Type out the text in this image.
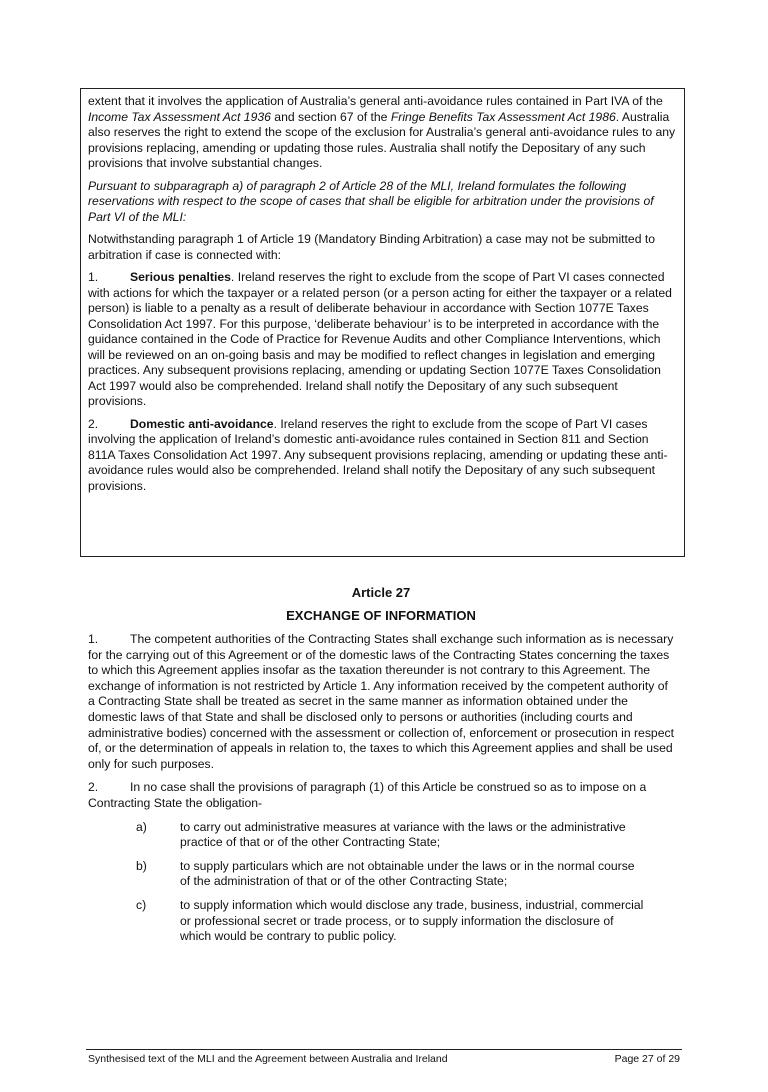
extent that it involves the application of Australia’s general anti-avoidance rules contained in Part IVA of the Income Tax Assessment Act 1936 and section 67 of the Fringe Benefits Tax Assessment Act 1986. Australia also reserves the right to extend the scope of the exclusion for Australia’s general anti-avoidance rules to any provisions replacing, amending or updating those rules. Australia shall notify the Depositary of any such provisions that involve substantial changes.

Pursuant to subparagraph a) of paragraph 2 of Article 28 of the MLI, Ireland formulates the following reservations with respect to the scope of cases that shall be eligible for arbitration under the provisions of Part VI of the MLI:

Notwithstanding paragraph 1 of Article 19 (Mandatory Binding Arbitration) a case may not be submitted to arbitration if case is connected with:

1.	Serious penalties. Ireland reserves the right to exclude from the scope of Part VI cases connected with actions for which the taxpayer or a related person (or a person acting for either the taxpayer or a related person) is liable to a penalty as a result of deliberate behaviour in accordance with Section 1077E Taxes Consolidation Act 1997. For this purpose, ‘deliberate behaviour’ is to be interpreted in accordance with the guidance contained in the Code of Practice for Revenue Audits and other Compliance Interventions, which will be reviewed on an on-going basis and may be modified to reflect changes in legislation and emerging practices. Any subsequent provisions replacing, amending or updating Section 1077E Taxes Consolidation Act 1997 would also be comprehended. Ireland shall notify the Depositary of any such subsequent provisions.

2.	Domestic anti-avoidance. Ireland reserves the right to exclude from the scope of Part VI cases involving the application of Ireland’s domestic anti-avoidance rules contained in Section 811 and Section 811A Taxes Consolidation Act 1997. Any subsequent provisions replacing, amending or updating these anti-avoidance rules would also be comprehended. Ireland shall notify the Depositary of any such subsequent provisions.

Article 27
EXCHANGE OF INFORMATION

1.	The competent authorities of the Contracting States shall exchange such information as is necessary for the carrying out of this Agreement or of the domestic laws of the Contracting States concerning the taxes to which this Agreement applies insofar as the taxation thereunder is not contrary to this Agreement. The exchange of information is not restricted by Article 1. Any information received by the competent authority of a Contracting State shall be treated as secret in the same manner as information obtained under the domestic laws of that State and shall be disclosed only to persons or authorities (including courts and administrative bodies) concerned with the assessment or collection of, enforcement or prosecution in respect of, or the determination of appeals in relation to, the taxes to which this Agreement applies and shall be used only for such purposes.

2.	In no case shall the provisions of paragraph (1) of this Article be construed so as to impose on a Contracting State the obligation-

a)	to carry out administrative measures at variance with the laws or the administrative practice of that or of the other Contracting State;
b)	to supply particulars which are not obtainable under the laws or in the normal course of the administration of that or of the other Contracting State;
c)	to supply information which would disclose any trade, business, industrial, commercial or professional secret or trade process, or to supply information the disclosure of which would be contrary to public policy.
Synthesised text of the MLI and the Agreement between Australia and Ireland	Page 27 of 29
